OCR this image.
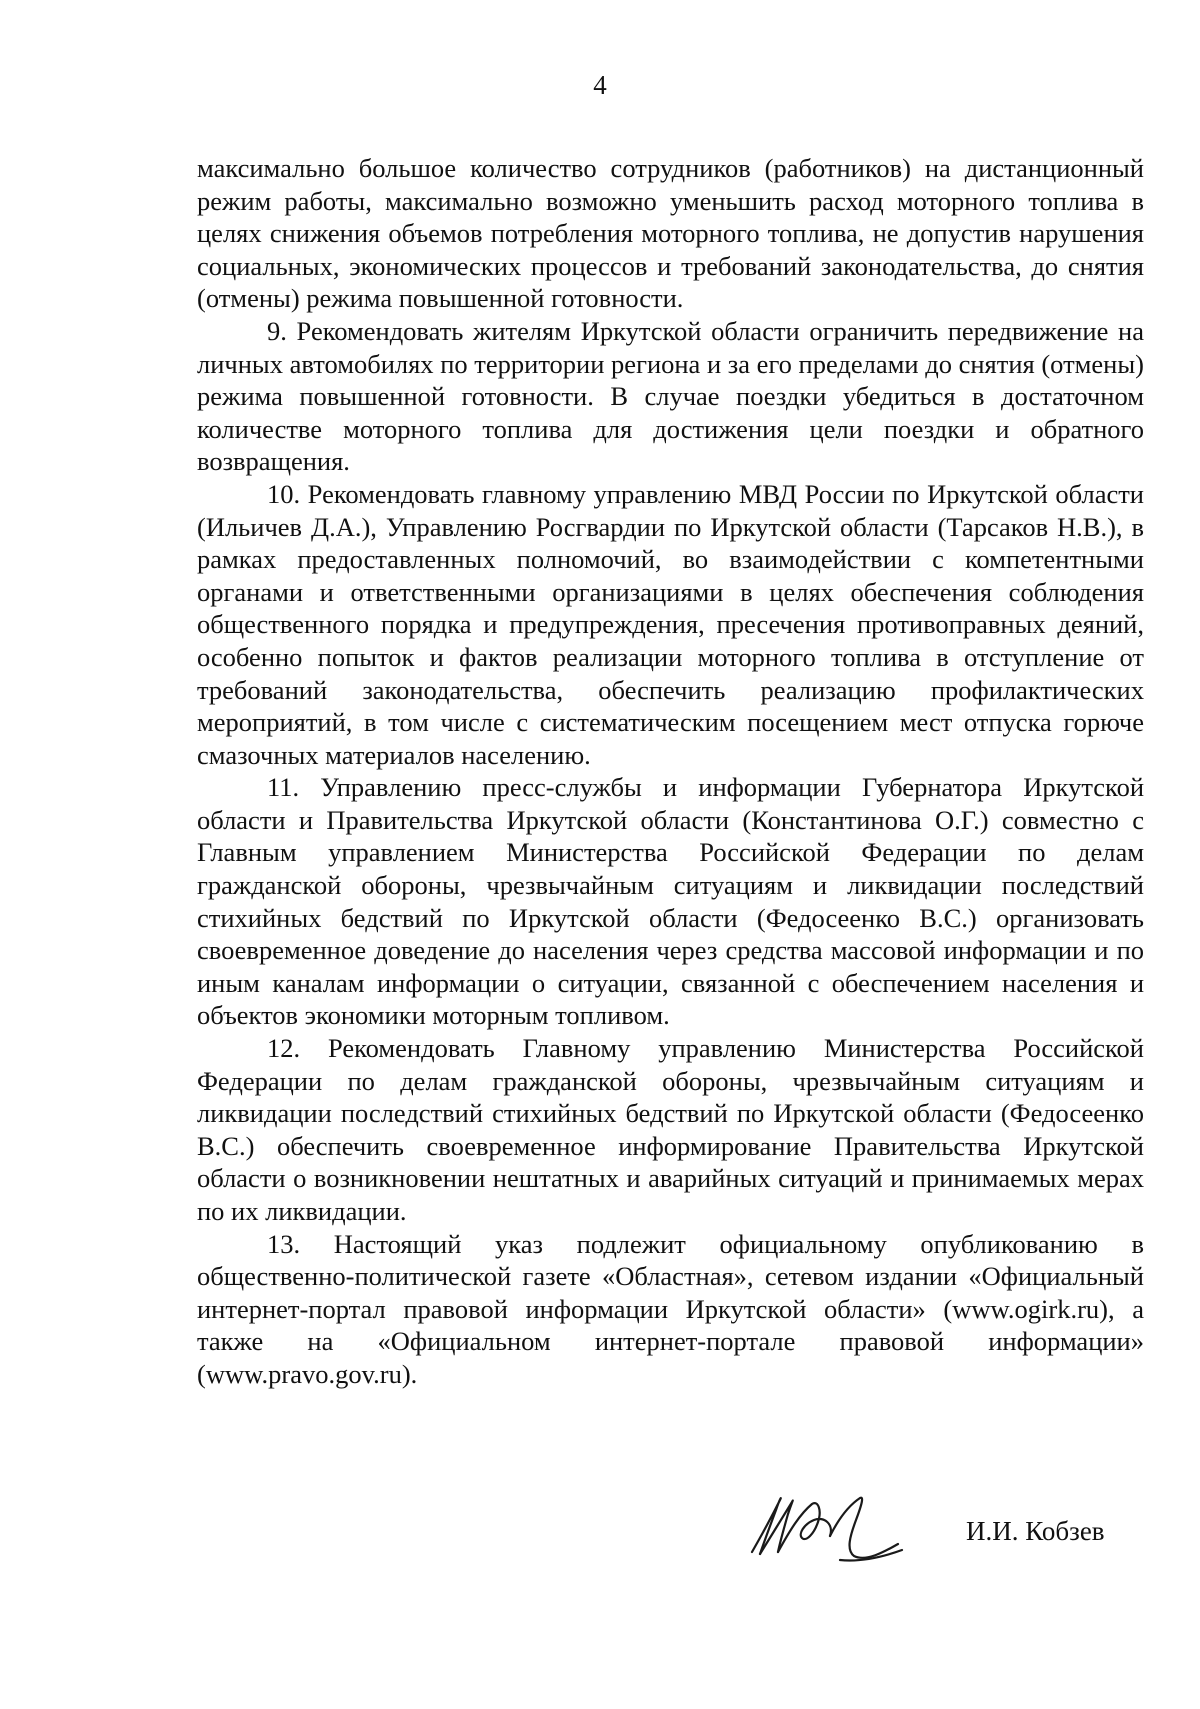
4

максимально большое количество сотрудников (работников) на дистанционный режим работы, максимально возможно уменьшить расход моторного топлива в целях снижения объемов потребления моторного топлива, не допустив нарушения социальных, экономических процессов и требований законодательства, до снятия (отмены) режима повышенной готовности.

9. Рекомендовать жителям Иркутской области ограничить передвижение на личных автомобилях по территории региона и за его пределами до снятия (отмены) режима повышенной готовности. В случае поездки убедиться в достаточном количестве моторного топлива для достижения цели поездки и обратного возвращения.

10. Рекомендовать главному управлению МВД России по Иркутской области (Ильичев Д.А.), Управлению Росгвардии по Иркутской области (Тарсаков Н.В.), в рамках предоставленных полномочий, во взаимодействии с компетентными органами и ответственными организациями в целях обеспечения соблюдения общественного порядка и предупреждения, пресечения противоправных деяний, особенно попыток и фактов реализации моторного топлива в отступление от требований законодательства, обеспечить реализацию профилактических мероприятий, в том числе с систематическим посещением мест отпуска горюче смазочных материалов населению.

11. Управлению пресс-службы и информации Губернатора Иркутской области и Правительства Иркутской области (Константинова О.Г.) совместно с Главным управлением Министерства Российской Федерации по делам гражданской обороны, чрезвычайным ситуациям и ликвидации последствий стихийных бедствий по Иркутской области (Федосеенко В.С.) организовать своевременное доведение до населения через средства массовой информации и по иным каналам информации о ситуации, связанной с обеспечением населения и объектов экономики моторным топливом.

12. Рекомендовать Главному управлению Министерства Российской Федерации по делам гражданской обороны, чрезвычайным ситуациям и ликвидации последствий стихийных бедствий по Иркутской области (Федосеенко В.С.) обеспечить своевременное информирование Правительства Иркутской области о возникновении нештатных и аварийных ситуаций и принимаемых мерах по их ликвидации.

13. Настоящий указ подлежит официальному опубликованию в общественно-политической газете «Областная», сетевом издании «Официальный интернет-портал правовой информации Иркутской области» (www.ogirk.ru), а также на «Официальном интернет-портале правовой информации» (www.pravo.gov.ru).

И.И. Кобзев
